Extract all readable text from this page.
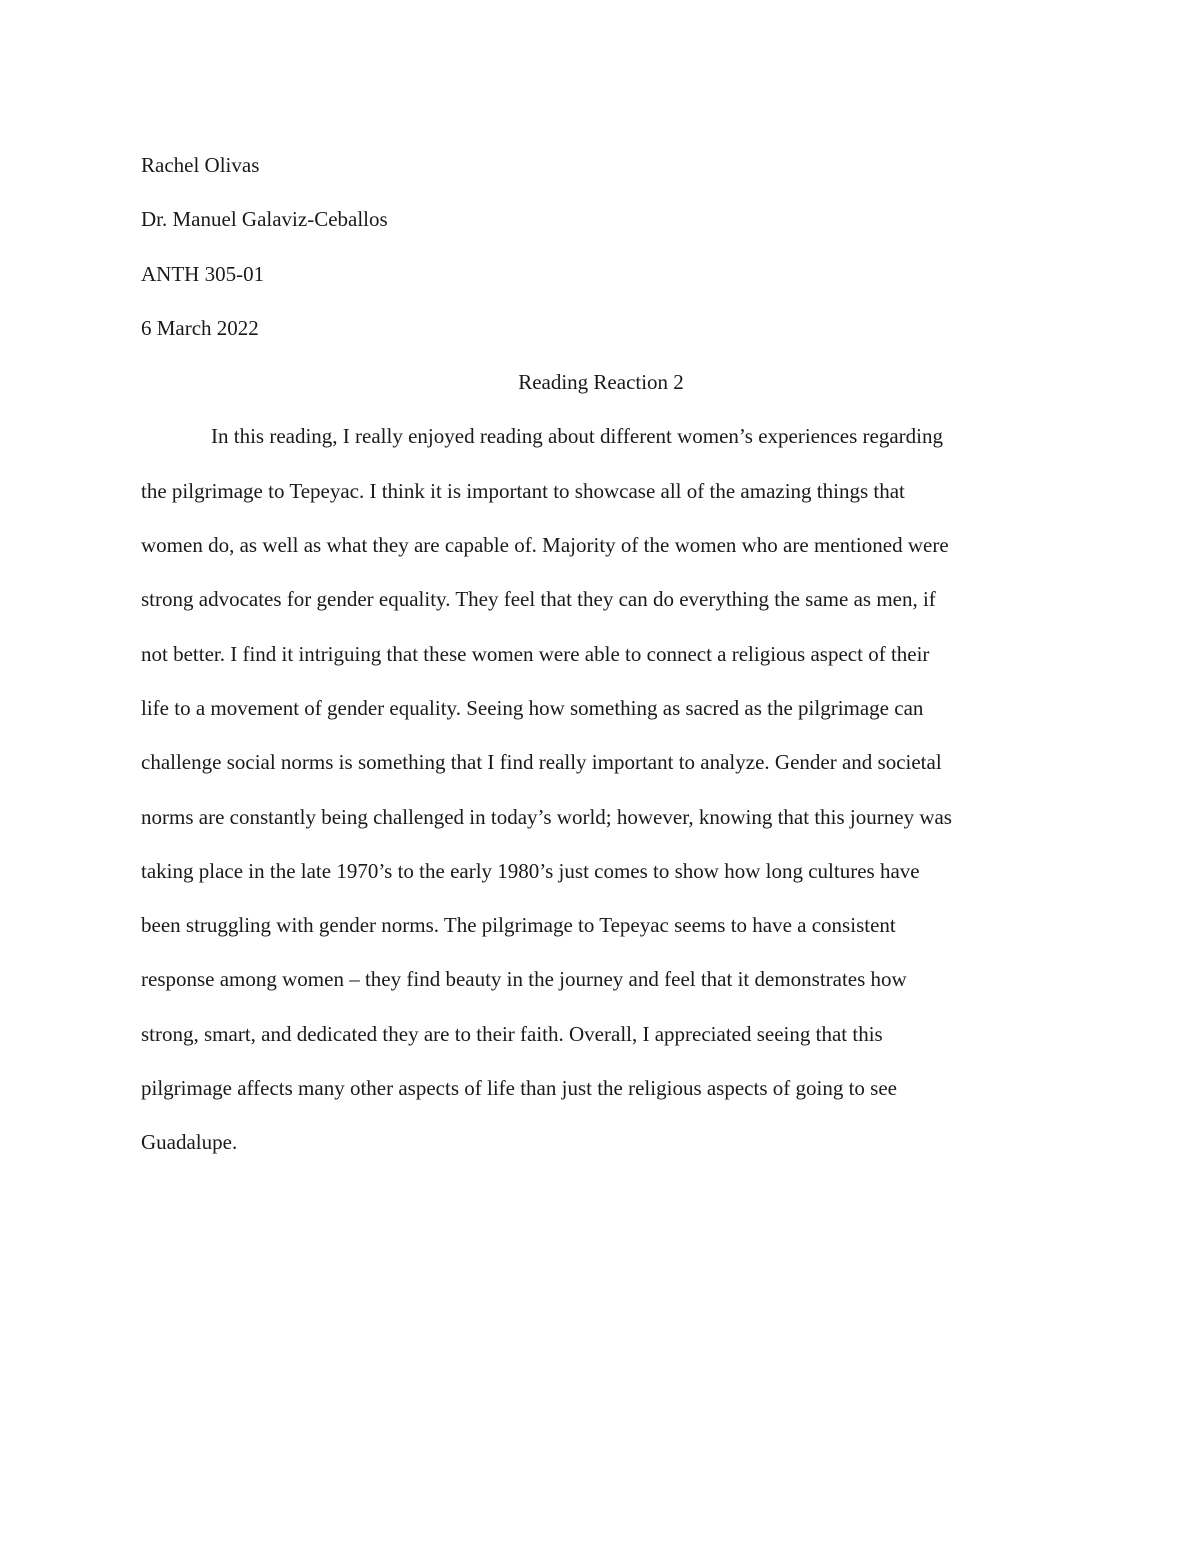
Rachel Olivas

Dr. Manuel Galaviz-Ceballos

ANTH 305-01

6 March 2022

Reading Reaction 2

In this reading, I really enjoyed reading about different women’s experiences regarding

the pilgrimage to Tepeyac. I think it is important to showcase all of the amazing things that

women do, as well as what they are capable of. Majority of the women who are mentioned were

strong advocates for gender equality. They feel that they can do everything the same as men, if

not better. I find it intriguing that these women were able to connect a religious aspect of their

life to a movement of gender equality. Seeing how something as sacred as the pilgrimage can

challenge social norms is something that I find really important to analyze. Gender and societal

norms are constantly being challenged in today’s world; however, knowing that this journey was

taking place in the late 1970’s to the early 1980’s just comes to show how long cultures have

been struggling with gender norms. The pilgrimage to Tepeyac seems to have a consistent

response among women – they find beauty in the journey and feel that it demonstrates how

strong, smart, and dedicated they are to their faith. Overall, I appreciated seeing that this

pilgrimage affects many other aspects of life than just the religious aspects of going to see

Guadalupe.
